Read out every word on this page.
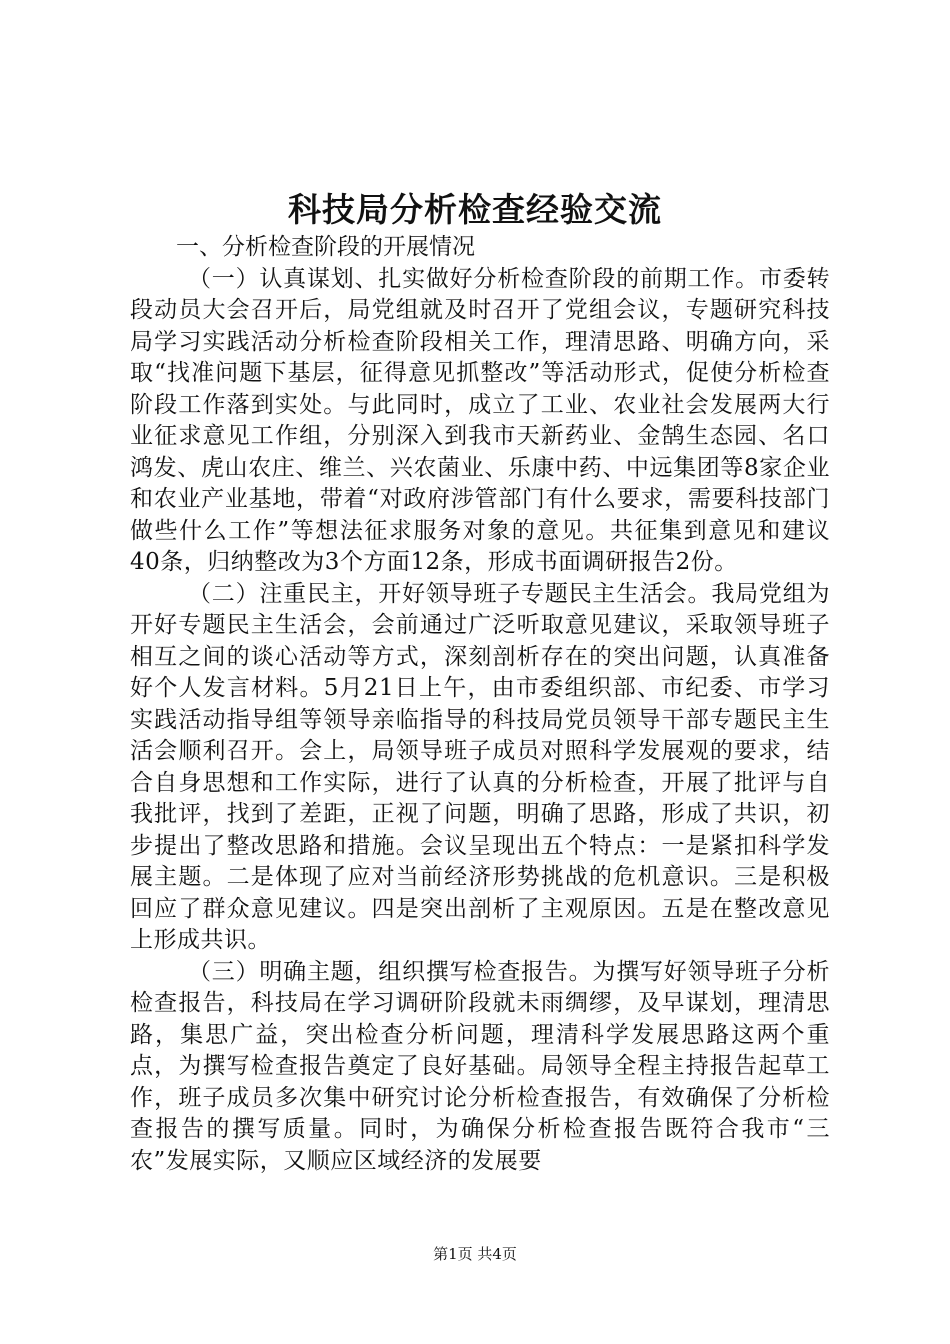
科技局分析检查经验交流

一、分析检查阶段的开展情况

（一）认真谋划、扎实做好分析检查阶段的前期工作。市委转段动员大会召开后，局党组就及时召开了党组会议，专题研究科技局学习实践活动分析检查阶段相关工作，理清思路、明确方向，采取“找准问题下基层，征得意见抓整改”等活动形式，促使分析检查阶段工作落到实处。与此同时，成立了工业、农业社会发展两大行业征求意见工作组，分别深入到我市天新药业、金鹄生态园、名口鸿发、虎山农庄、维兰、兴农菌业、乐康中药、中远集团等8家企业和农业产业基地，带着“对政府涉管部门有什么要求，需要科技部门做些什么工作”等想法征求服务对象的意见。共征集到意见和建议40条，归纳整改为3个方面12条，形成书面调研报告2份。

（二）注重民主，开好领导班子专题民主生活会。我局党组为开好专题民主生活会，会前通过广泛听取意见建议，采取领导班子相互之间的谈心活动等方式，深刻剖析存在的突出问题，认真准备好个人发言材料。5月21日上午，由市委组织部、市纪委、市学习实践活动指导组等领导亲临指导的科技局党员领导干部专题民主生活会顺利召开。会上，局领导班子成员对照科学发展观的要求，结合自身思想和工作实际，进行了认真的分析检查，开展了批评与自我批评，找到了差距，正视了问题，明确了思路，形成了共识，初步提出了整改思路和措施。会议呈现出五个特点：一是紧扣科学发展主题。二是体现了应对当前经济形势挑战的危机意识。三是积极回应了群众意见建议。四是突出剖析了主观原因。五是在整改意见上形成共识。

（三）明确主题，组织撰写检查报告。为撰写好领导班子分析检查报告，科技局在学习调研阶段就未雨绸缪，及早谋划，理清思路，集思广益，突出检查分析问题，理清科学发展思路这两个重点，为撰写检查报告奠定了良好基础。局领导全程主持报告起草工作，班子成员多次集中研究讨论分析检查报告，有效确保了分析检查报告的撰写质量。同时，为确保分析检查报告既符合我市“三农”发展实际，又顺应区域经济的发展要

第1页 共4页
